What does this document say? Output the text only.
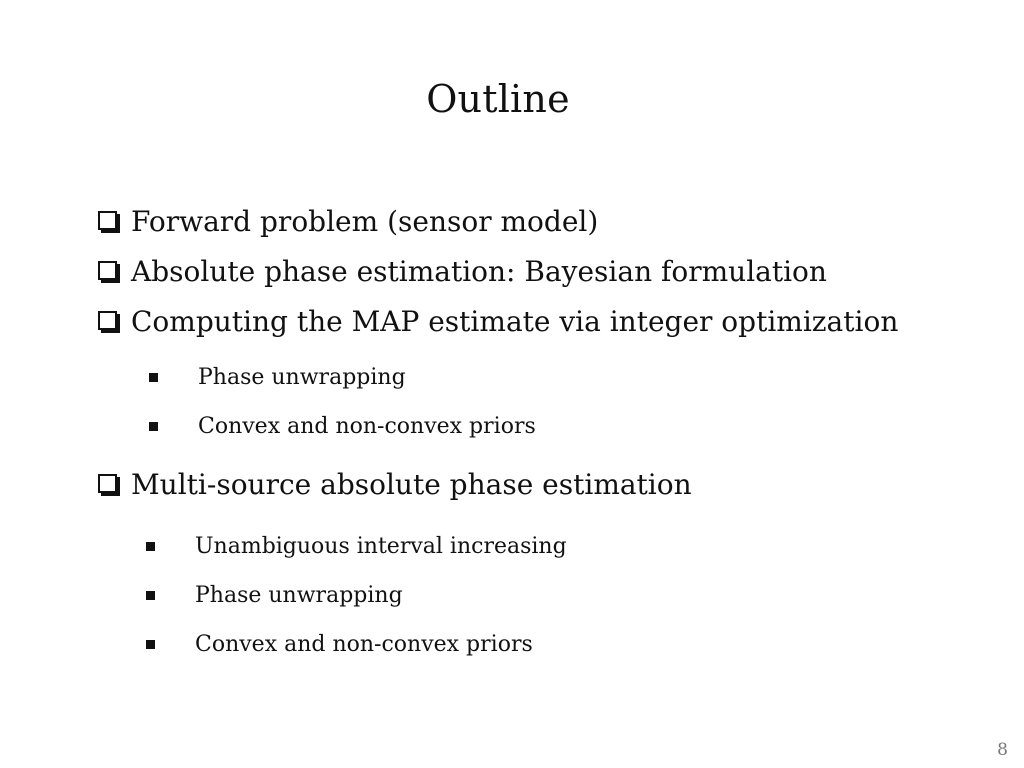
Outline
Forward problem (sensor model)
Absolute phase estimation: Bayesian formulation
Computing the MAP estimate via integer optimization
Phase unwrapping
Convex and non-convex priors
Multi-source absolute phase estimation
Unambiguous interval increasing
Phase unwrapping
Convex and non-convex priors
8
